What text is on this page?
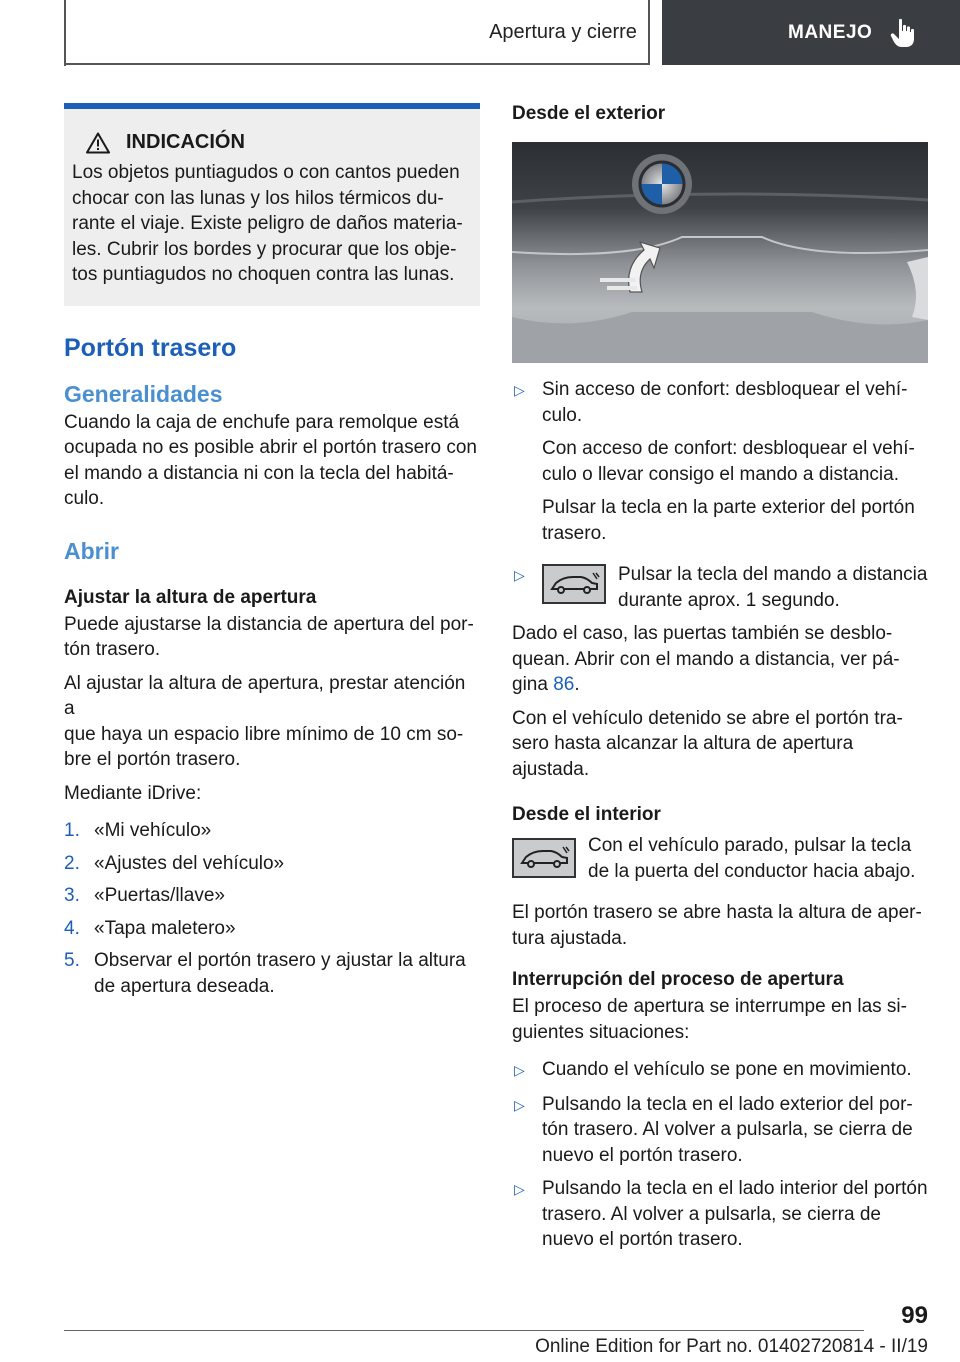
Apertura y cierre	MANEJO
INDICACIÓN

Los objetos puntiagudos o con cantos pueden
chocar con las lunas y los hilos térmicos du-
rante el viaje. Existe peligro de daños materia-
les. Cubrir los bordes y procurar que los obje-
tos puntiagudos no choquen contra las lunas.

Portón trasero
Generalidades

Cuando la caja de enchufe para remolque está
ocupada no es posible abrir el portón trasero con
el mando a distancia ni con la tecla del habitá-
culo.

Abrir
Ajustar la altura de apertura

Puede ajustarse la distancia de apertura del por-
tón trasero.

Al ajustar la altura de apertura, prestar atención a
que haya un espacio libre mínimo de 10 cm so-
bre el portón trasero.

Mediante iDrive:

1. «Mi vehículo»
2. «Ajustes del vehículo»
3. «Puertas/llave»
4. «Tapa maletero»
5. Observar el portón trasero y ajustar la altura
de apertura deseada.
Desde el exterior
▷ Sin acceso de confort: desbloquear el vehí-
culo.

Con acceso de confort: desbloquear el vehí-
culo o llevar consigo el mando a distancia.

Pulsar la tecla en la parte exterior del portón
trasero.

▷	Pulsar la tecla del mando a distancia
durante aprox. 1 segundo.

Dado el caso, las puertas también se desblo-
quean. Abrir con el mando a distancia, ver pá-
gina 86.

Con el vehículo detenido se abre el portón tra-
sero hasta alcanzar la altura de apertura ajustada.

Desde el interior

Con el vehículo parado, pulsar la tecla
de la puerta del conductor hacia abajo.

El portón trasero se abre hasta la altura de aper-
tura ajustada.

Interrupción del proceso de apertura

El proceso de apertura se interrumpe en las si-
guientes situaciones:

▷ Cuando el vehículo se pone en movimiento.
▷ Pulsando la tecla en el lado exterior del por-
tón trasero. Al volver a pulsarla, se cierra de
nuevo el portón trasero.
▷ Pulsando la tecla en el lado interior del portón
trasero. Al volver a pulsarla, se cierra de
nuevo el portón trasero.
99
Online Edition for Part no. 01402720814 - II/19
